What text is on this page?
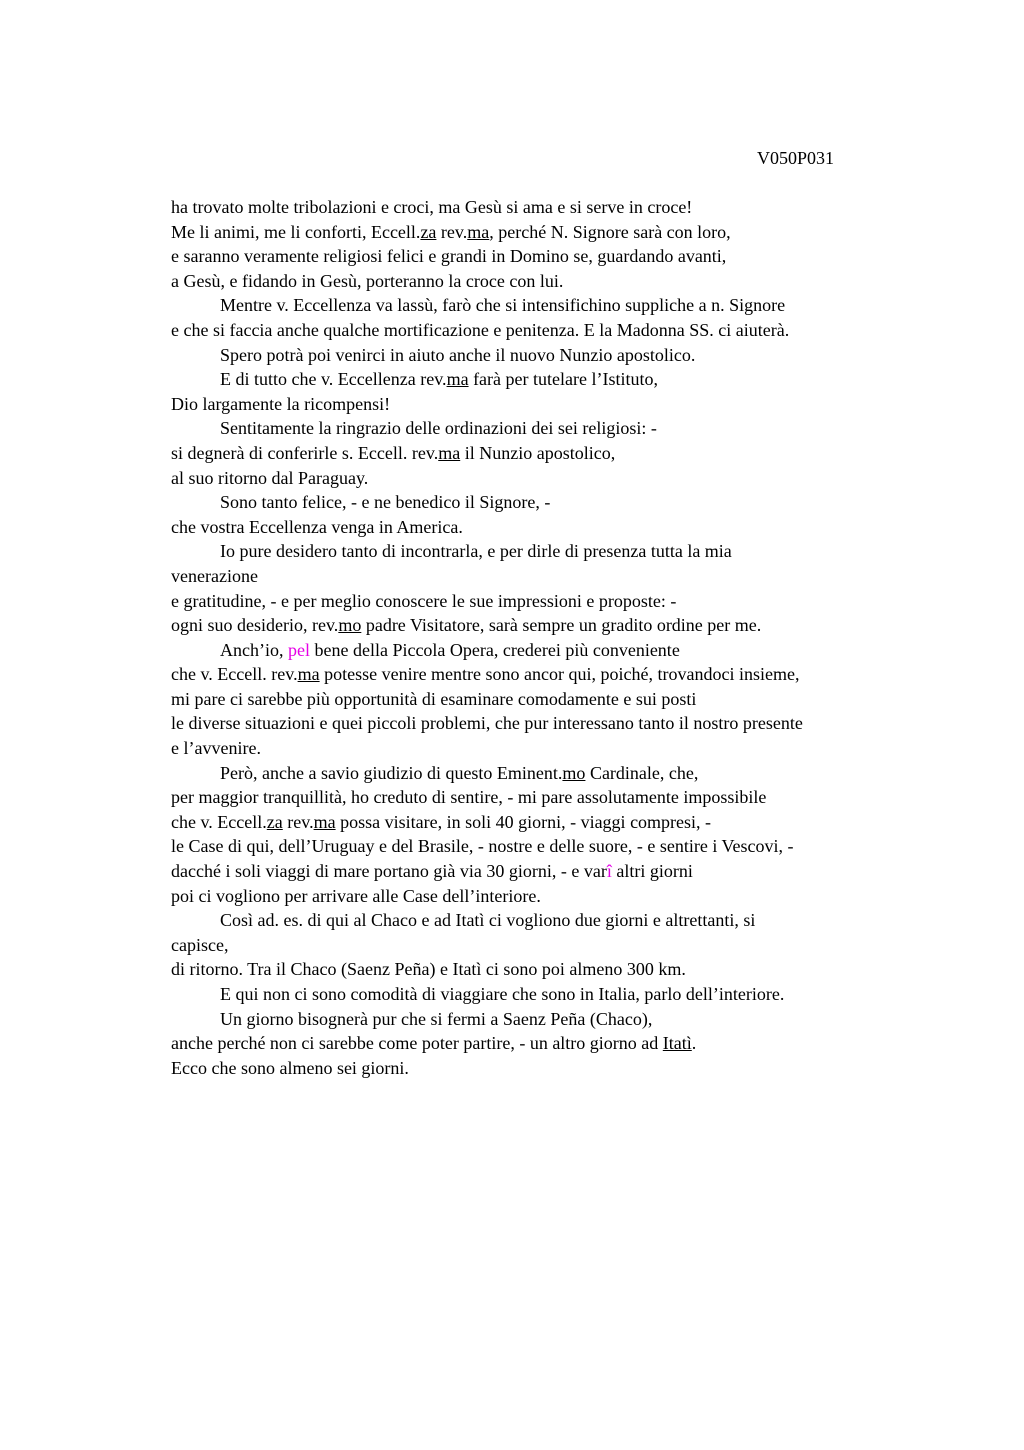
V050P031
ha trovato molte tribolazioni e croci, ma Gesù si ama e si serve in croce!
Me li animi, me li conforti, Eccell.za rev.ma, perché N. Signore sarà con loro,
e saranno veramente religiosi felici e grandi in Domino se, guardando avanti,
a Gesù, e fidando in Gesù, porteranno la croce con lui.
Mentre v. Eccellenza va lassù, farò che si intensifichino suppliche a n. Signore
e che si faccia anche qualche mortificazione e penitenza. E la Madonna SS. ci aiuterà.
Spero potrà poi venirci in aiuto anche il nuovo Nunzio apostolico.
E di tutto che v. Eccellenza rev.ma farà per tutelare l’Istituto,
Dio largamente la ricompensi!
Sentitamente la ringrazio delle ordinazioni dei sei religiosi: -
si degnerà di conferirle s. Eccell. rev.ma il Nunzio apostolico,
al suo ritorno dal Paraguay.
Sono tanto felice, - e ne benedico il Signore, -
che vostra Eccellenza venga in America.
Io pure desidero tanto di incontrarla, e per dirle di presenza tutta la mia
venerazione
e gratitudine, - e per meglio conoscere le sue impressioni e proposte: -
ogni suo desiderio, rev.mo padre Visitatore, sarà sempre un gradito ordine per me.
Anch’io, pel bene della Piccola Opera, crederei più conveniente
che v. Eccell. rev.ma potesse venire mentre sono ancor qui, poiché, trovandoci insieme,
mi pare ci sarebbe più opportunità di esaminare comodamente e sui posti
le diverse situazioni e quei piccoli problemi, che pur interessano tanto il nostro presente
e l’avvenire.
Però, anche a savio giudizio di questo Eminent.mo Cardinale, che,
per maggior tranquillità, ho creduto di sentire, - mi pare assolutamente impossibile
che v. Eccell.za rev.ma possa visitare, in soli 40 giorni, - viaggi compresi, -
le Case di qui, dell’Uruguay e del Brasile, - nostre e delle suore, - e sentire i Vescovi, -
dacché i soli viaggi di mare portano già via 30 giorni, - e varî altri giorni
poi ci vogliono per arrivare alle Case dell’interiore.
Così ad. es. di qui al Chaco e ad Itatì ci vogliono due giorni e altrettanti, si
capisce,
di ritorno. Tra il Chaco (Saenz Peña) e Itatì ci sono poi almeno 300 km.
E qui non ci sono comodità di viaggiare che sono in Italia, parlo dell’interiore.
Un giorno bisognerà pur che si fermi a Saenz Peña (Chaco),
anche perché non ci sarebbe come poter partire, - un altro giorno ad Itatì.
Ecco che sono almeno sei giorni.
